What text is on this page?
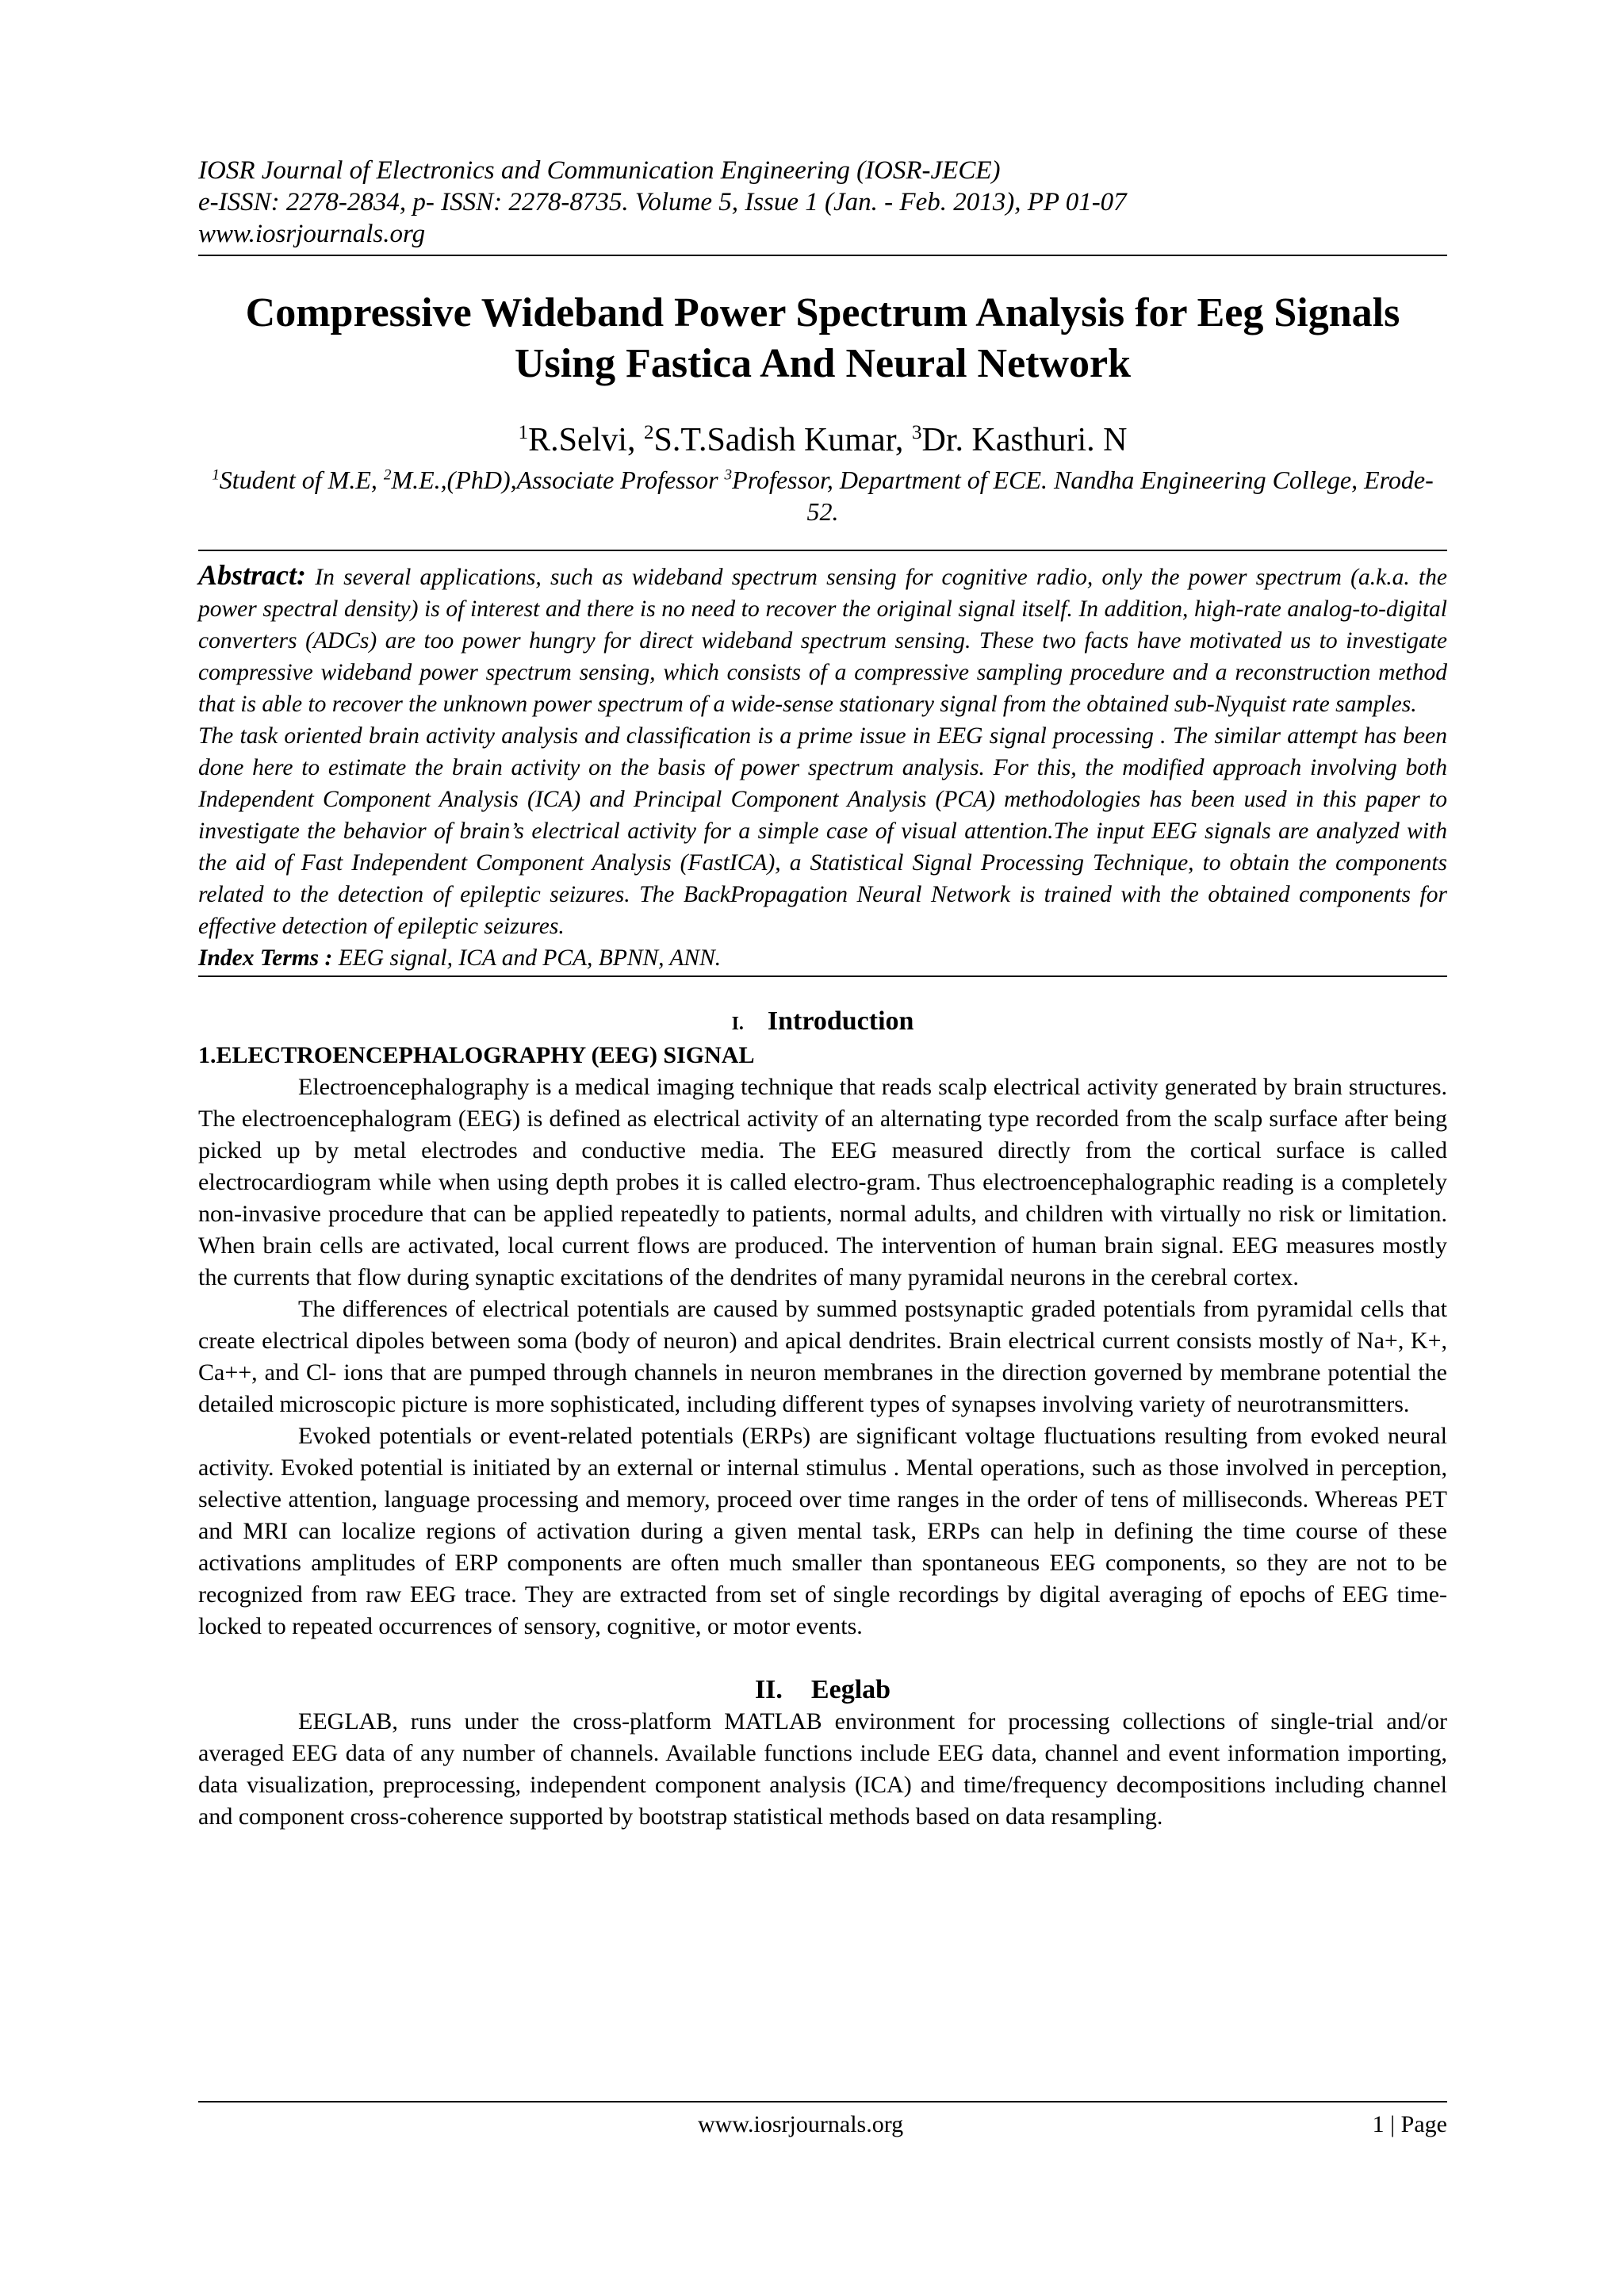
IOSR Journal of Electronics and Communication Engineering (IOSR-JECE)
e-ISSN: 2278-2834, p- ISSN: 2278-8735. Volume 5, Issue 1 (Jan. - Feb. 2013), PP 01-07
www.iosrjournals.org
Compressive Wideband Power Spectrum Analysis for Eeg Signals
Using Fastica And Neural Network
$^1$R.Selvi, $^2$S.T.Sadish Kumar, $^3$Dr. Kasthuri. N
$^1$Student of M.E, $^2$M.E.,(PhD),Associate Professor $^3$Professor, Department of ECE. Nandha Engineering College, Erode-52.

Abstract: In several applications, such as wideband spectrum sensing for cognitive radio, only the power spectrum (a.k.a. the power spectral density) is of interest and there is no need to recover the original signal itself. In addition, high-rate analog-to-digital converters (ADCs) are too power hungry for direct wideband spectrum sensing. These two facts have motivated us to investigate compressive wideband power spectrum sensing, which consists of a compressive sampling procedure and a reconstruction method that is able to recover the unknown power spectrum of a wide-sense stationary signal from the obtained sub-Nyquist rate samples.

The task oriented brain activity analysis and classification is a prime issue in EEG signal processing . The similar attempt has been done here to estimate the brain activity on the basis of power spectrum analysis. For this, the modified approach involving both Independent Component Analysis (ICA) and Principal Component Analysis (PCA) methodologies has been used in this paper to investigate the behavior of brain’s electrical activity for a simple case of visual attention.The input EEG signals are analyzed with the aid of Fast Independent Component Analysis (FastICA), a Statistical Signal Processing Technique, to obtain the components related to the detection of epileptic seizures. The BackPropagation Neural Network is trained with the obtained components for effective detection of epileptic seizures.

Index Terms : EEG signal, ICA and PCA, BPNN, ANN.
I. Introduction
1.ELECTROENCEPHALOGRAPHY (EEG) SIGNAL

Electroencephalography is a medical imaging technique that reads scalp electrical activity generated by brain structures. The electroencephalogram (EEG) is defined as electrical activity of an alternating type recorded from the scalp surface after being picked up by metal electrodes and conductive media. The EEG measured directly from the cortical surface is called electrocardiogram while when using depth probes it is called electro-gram. Thus electroencephalographic reading is a completely non-invasive procedure that can be applied repeatedly to patients, normal adults, and children with virtually no risk or limitation. When brain cells are activated, local current flows are produced. The intervention of human brain signal. EEG measures mostly the currents that flow during synaptic excitations of the dendrites of many pyramidal neurons in the cerebral cortex.

The differences of electrical potentials are caused by summed postsynaptic graded potentials from pyramidal cells that create electrical dipoles between soma (body of neuron) and apical dendrites. Brain electrical current consists mostly of Na+, K+, Ca++, and Cl- ions that are pumped through channels in neuron membranes in the direction governed by membrane potential the detailed microscopic picture is more sophisticated, including different types of synapses involving variety of neurotransmitters.

Evoked potentials or event-related potentials (ERPs) are significant voltage fluctuations resulting from evoked neural activity. Evoked potential is initiated by an external or internal stimulus . Mental operations, such as those involved in perception, selective attention, language processing and memory, proceed over time ranges in the order of tens of milliseconds. Whereas PET and MRI can localize regions of activation during a given mental task, ERPs can help in defining the time course of these activations amplitudes of ERP components are often much smaller than spontaneous EEG components, so they are not to be recognized from raw EEG trace. They are extracted from set of single recordings by digital averaging of epochs of EEG time-locked to repeated occurrences of sensory, cognitive, or motor events.

II. Eeglab

EEGLAB, runs under the cross-platform MATLAB environment for processing collections of single-trial and/or averaged EEG data of any number of channels. Available functions include EEG data, channel and event information importing, data visualization, preprocessing, independent component analysis (ICA) and time/frequency decompositions including channel and component cross-coherence supported by bootstrap statistical methods based on data resampling.

www.iosrjournals.org	1 | Page
